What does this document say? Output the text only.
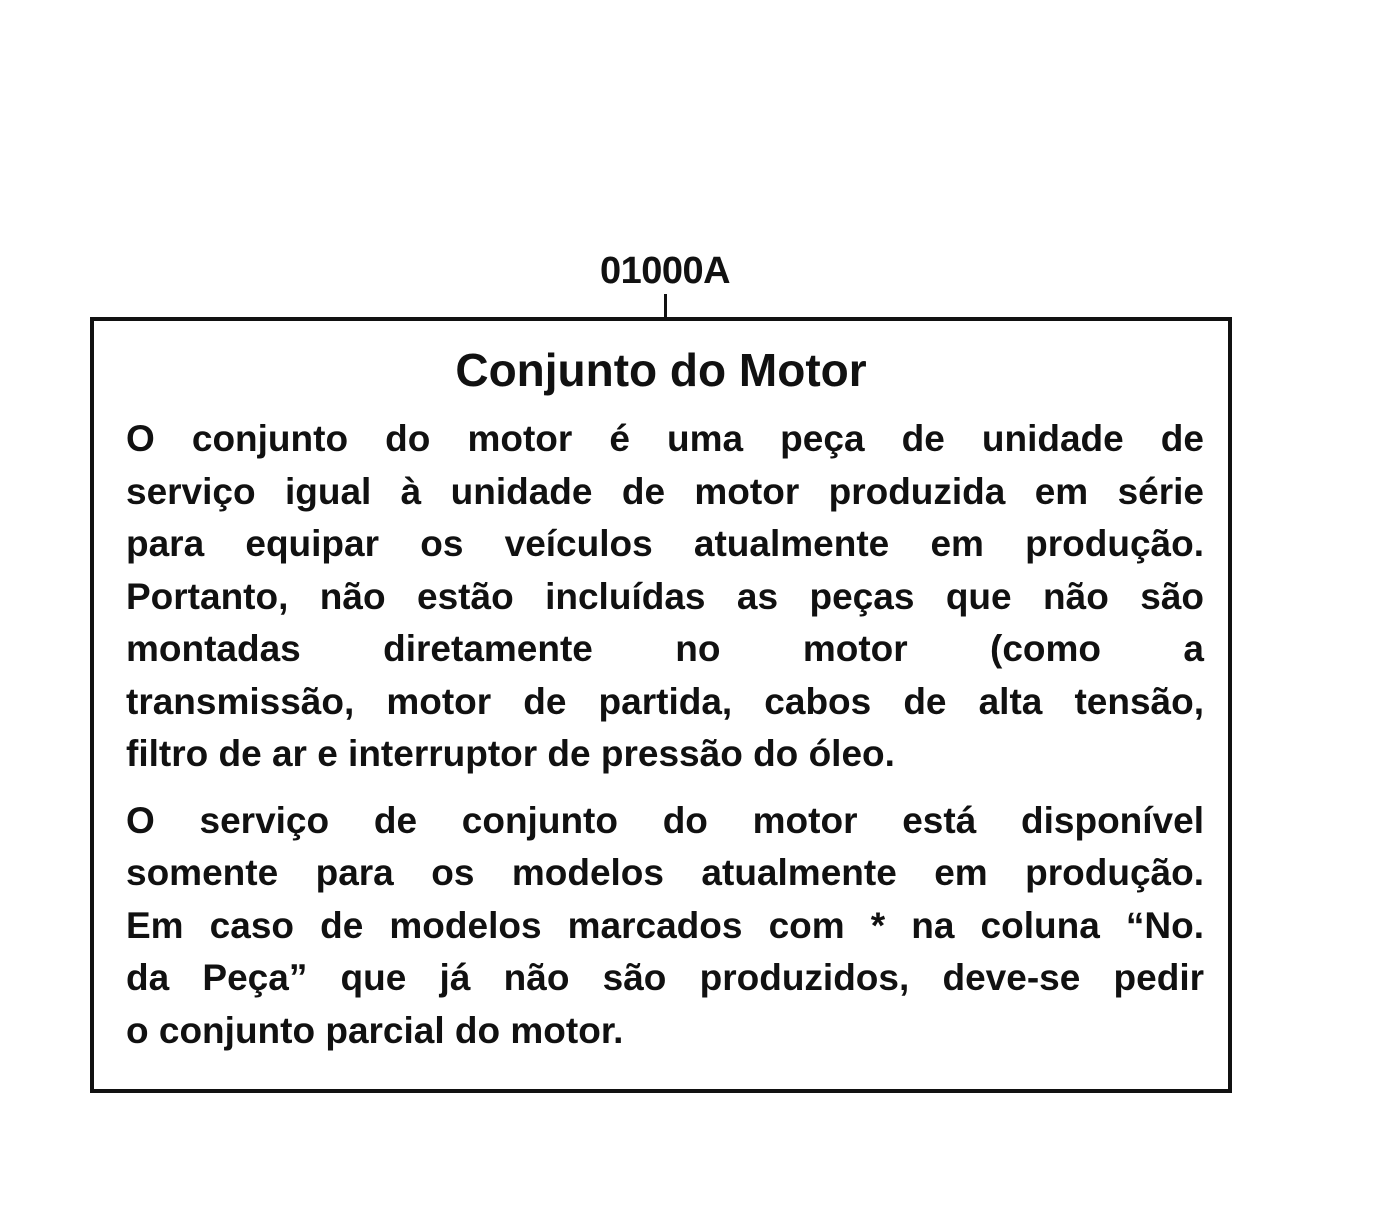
01000A
Conjunto do Motor

O conjunto do motor é uma peça de unidade de
serviço igual à unidade de motor produzida em série
para equipar os veículos atualmente em produção.
Portanto, não estão incluídas as peças que não são
montadas diretamente no motor (como a
transmissão, motor de partida, cabos de alta tensão,
filtro de ar e interruptor de pressão do óleo.

O serviço de conjunto do motor está disponível
somente para os modelos atualmente em produção.
Em caso de modelos marcados com * na coluna “No.
da Peça” que já não são produzidos, deve-se pedir
o conjunto parcial do motor.
